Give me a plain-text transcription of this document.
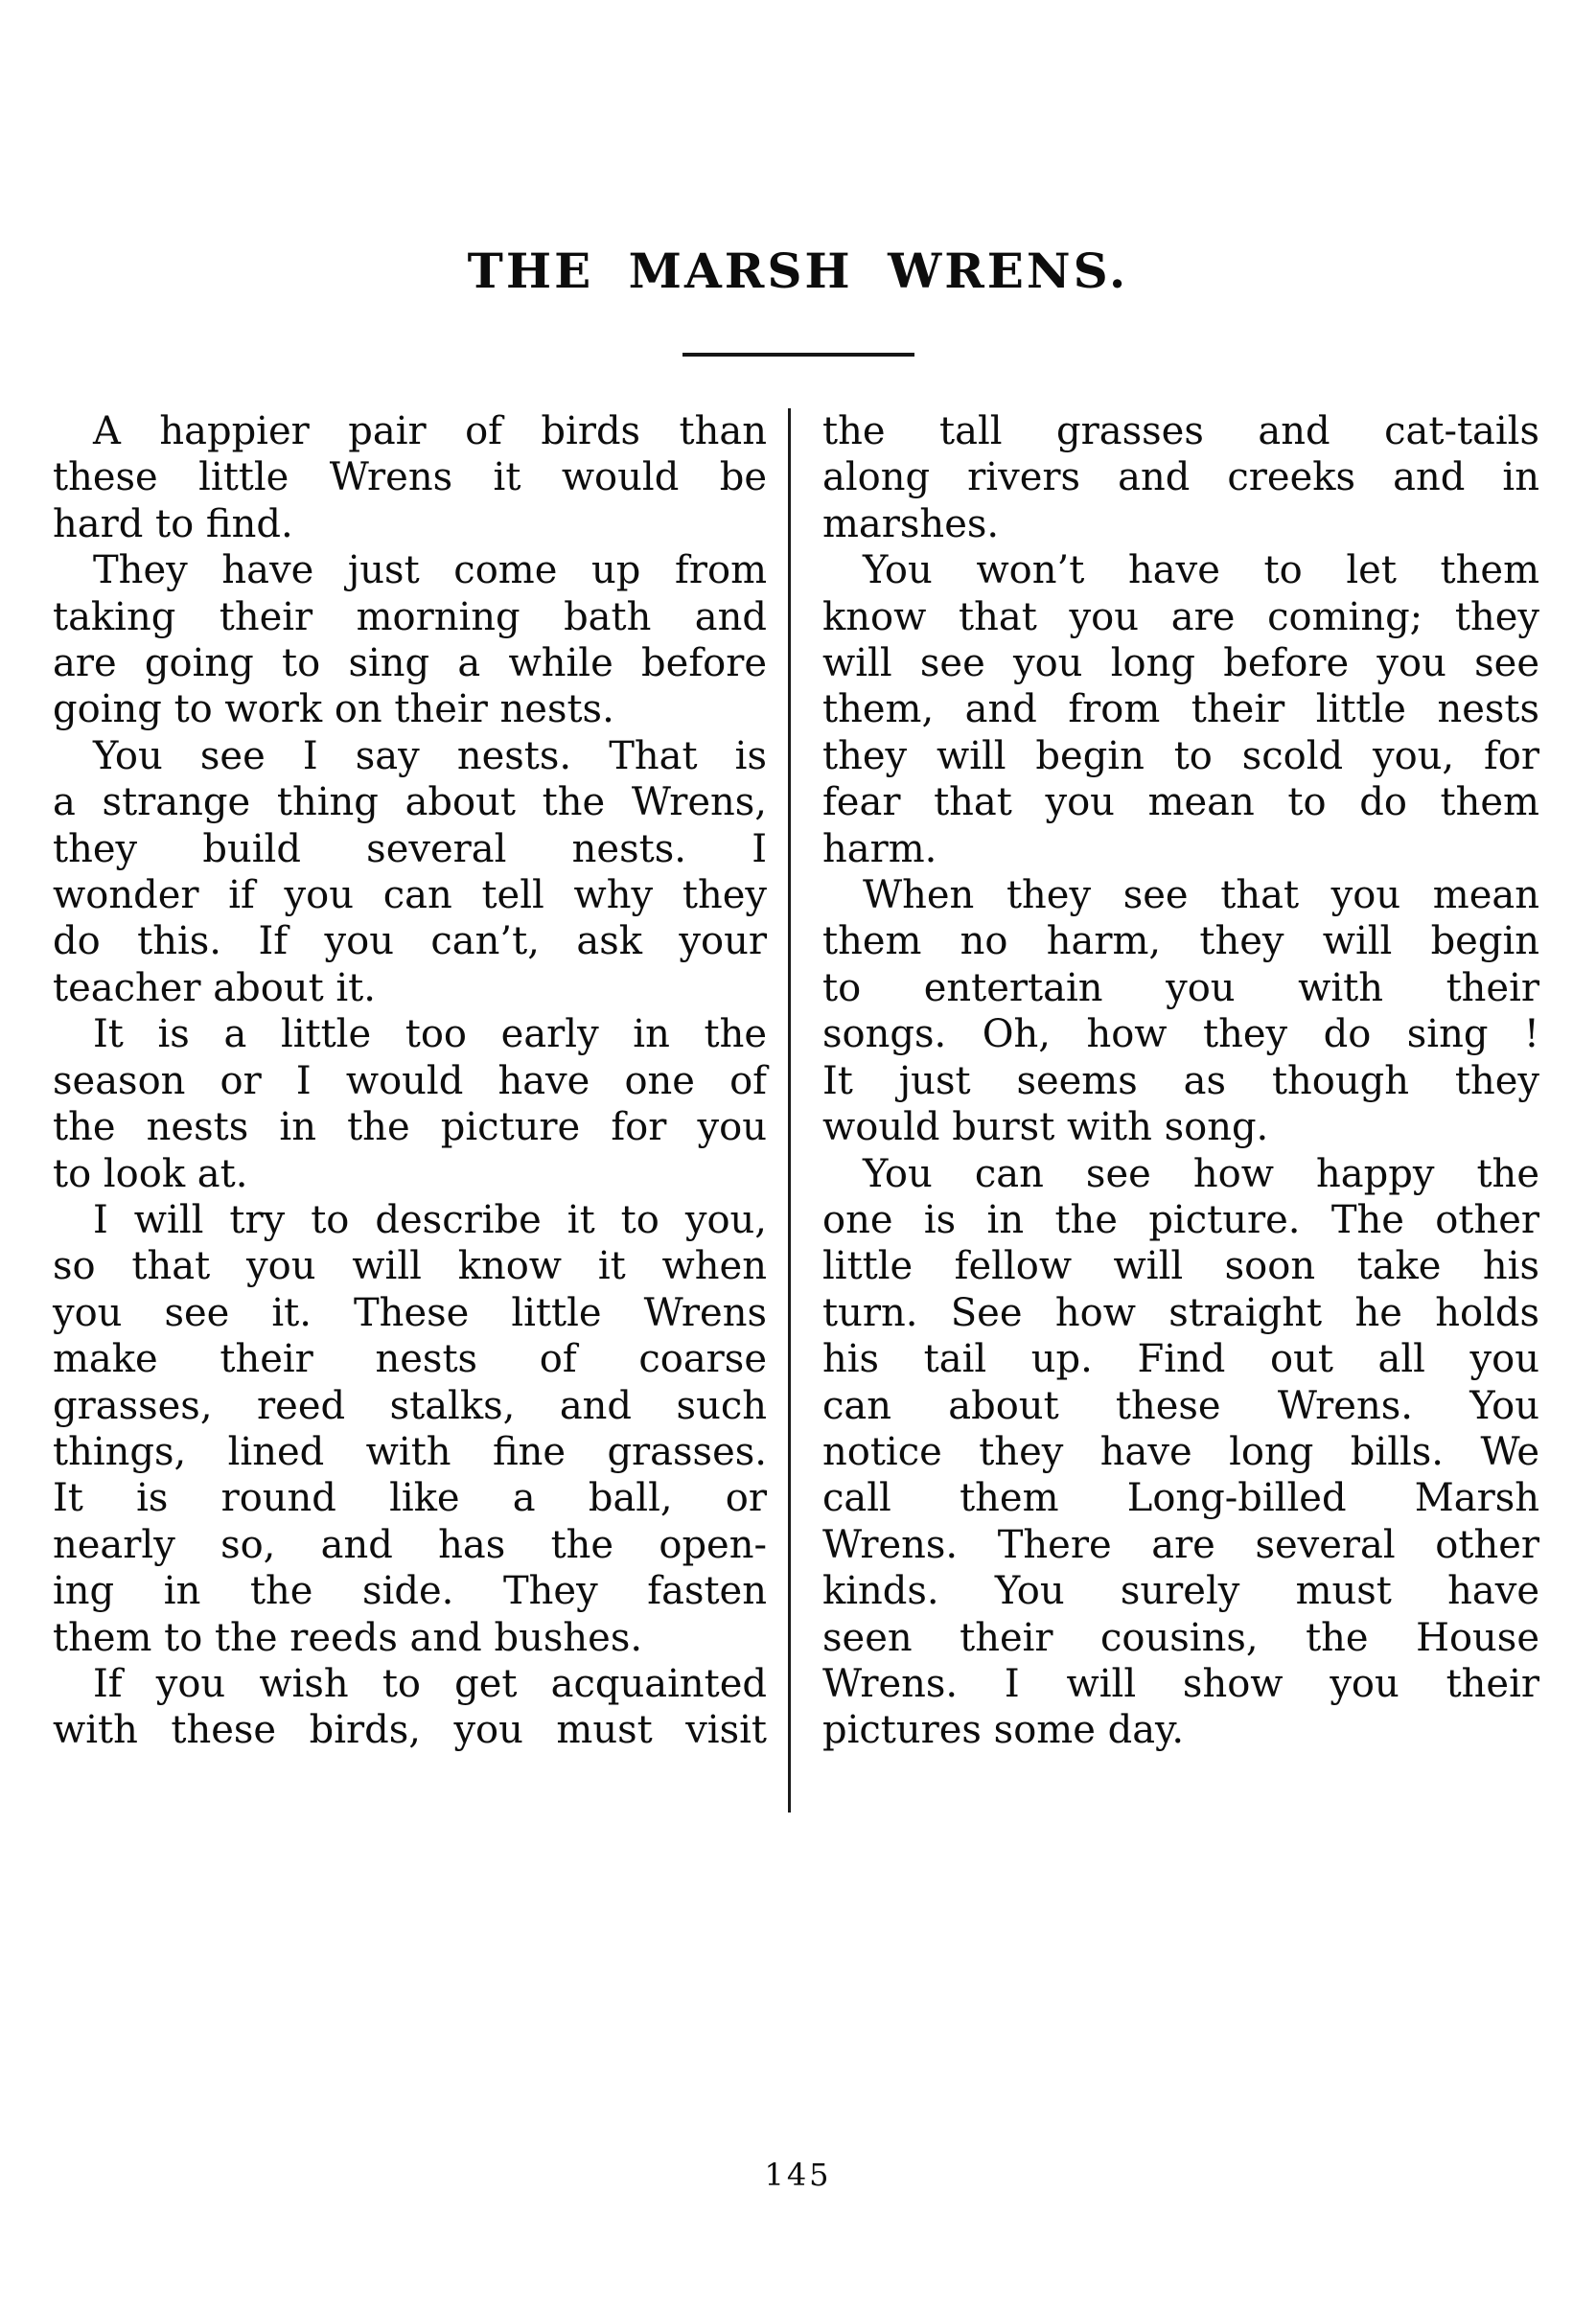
THE MARSH WRENS.
A happier pair of birds than
these little Wrens it would be
hard to find.
They have just come up from
taking their morning bath and
are going to sing a while before
going to work on their nests.
You see I say nests. That is
a strange thing about the Wrens,
they build several nests. I
wonder if you can tell why they
do this. If you can’t, ask your
teacher about it.
It is a little too early in the
season or I would have one of
the nests in the picture for you
to look at.
I will try to describe it to you,
so that you will know it when
you see it. These little Wrens
make their nests of coarse
grasses, reed stalks, and such
things, lined with fine grasses.
It is round like a ball, or
nearly so, and has the open-
ing in the side. They fasten
them to the reeds and bushes.
If you wish to get acquainted
with these birds, you must visit
the tall grasses and cat-tails
along rivers and creeks and in
marshes.
You won’t have to let them
know that you are coming; they
will see you long before you see
them, and from their little nests
they will begin to scold you, for
fear that you mean to do them
harm.
When they see that you mean
them no harm, they will begin
to entertain you with their
songs. Oh, how they do sing !
It just seems as though they
would burst with song.
You can see how happy the
one is in the picture. The other
little fellow will soon take his
turn. See how straight he holds
his tail up. Find out all you
can about these Wrens. You
notice they have long bills. We
call them Long-billed Marsh
Wrens. There are several other
kinds. You surely must have
seen their cousins, the House
Wrens. I will show you their
pictures some day.
145
